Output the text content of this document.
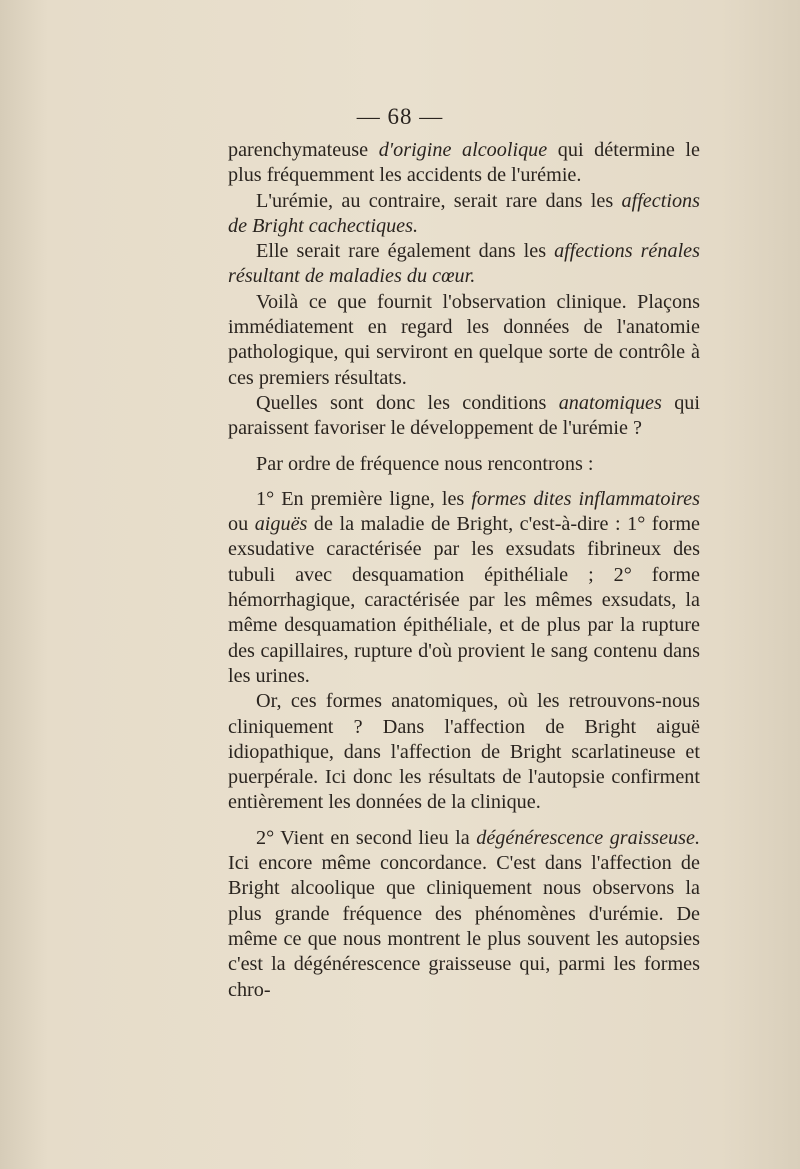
— 68 —

parenchymateuse d'origine alcoolique qui détermine le plus fréquemment les accidents de l'urémie.

L'urémie, au contraire, serait rare dans les affections de Bright cachectiques.

Elle serait rare également dans les affections rénales résultant de maladies du cœur.

Voilà ce que fournit l'observation clinique. Plaçons immédiatement en regard les données de l'anatomie pathologique, qui serviront en quelque sorte de contrôle à ces premiers résultats.

Quelles sont donc les conditions anatomiques qui paraissent favoriser le développement de l'urémie ?

Par ordre de fréquence nous rencontrons :

1° En première ligne, les formes dites inflammatoires ou aiguës de la maladie de Bright, c'est-à-dire : 1° forme exsudative caractérisée par les exsudats fibrineux des tubuli avec desquamation épithéliale ; 2° forme hémorrhagique, caractérisée par les mêmes exsudats, la même desquamation épithéliale, et de plus par la rupture des capillaires, rupture d'où provient le sang contenu dans les urines.

Or, ces formes anatomiques, où les retrouvons-nous cliniquement ? Dans l'affection de Bright aiguë idiopathique, dans l'affection de Bright scarlatineuse et puerpérale. Ici donc les résultats de l'autopsie confirment entièrement les données de la clinique.

2° Vient en second lieu la dégénérescence graisseuse. Ici encore même concordance. C'est dans l'affection de Bright alcoolique que cliniquement nous observons la plus grande fréquence des phénomènes d'urémie. De même ce que nous montrent le plus souvent les autopsies c'est la dégénérescence graisseuse qui, parmi les formes chro-
